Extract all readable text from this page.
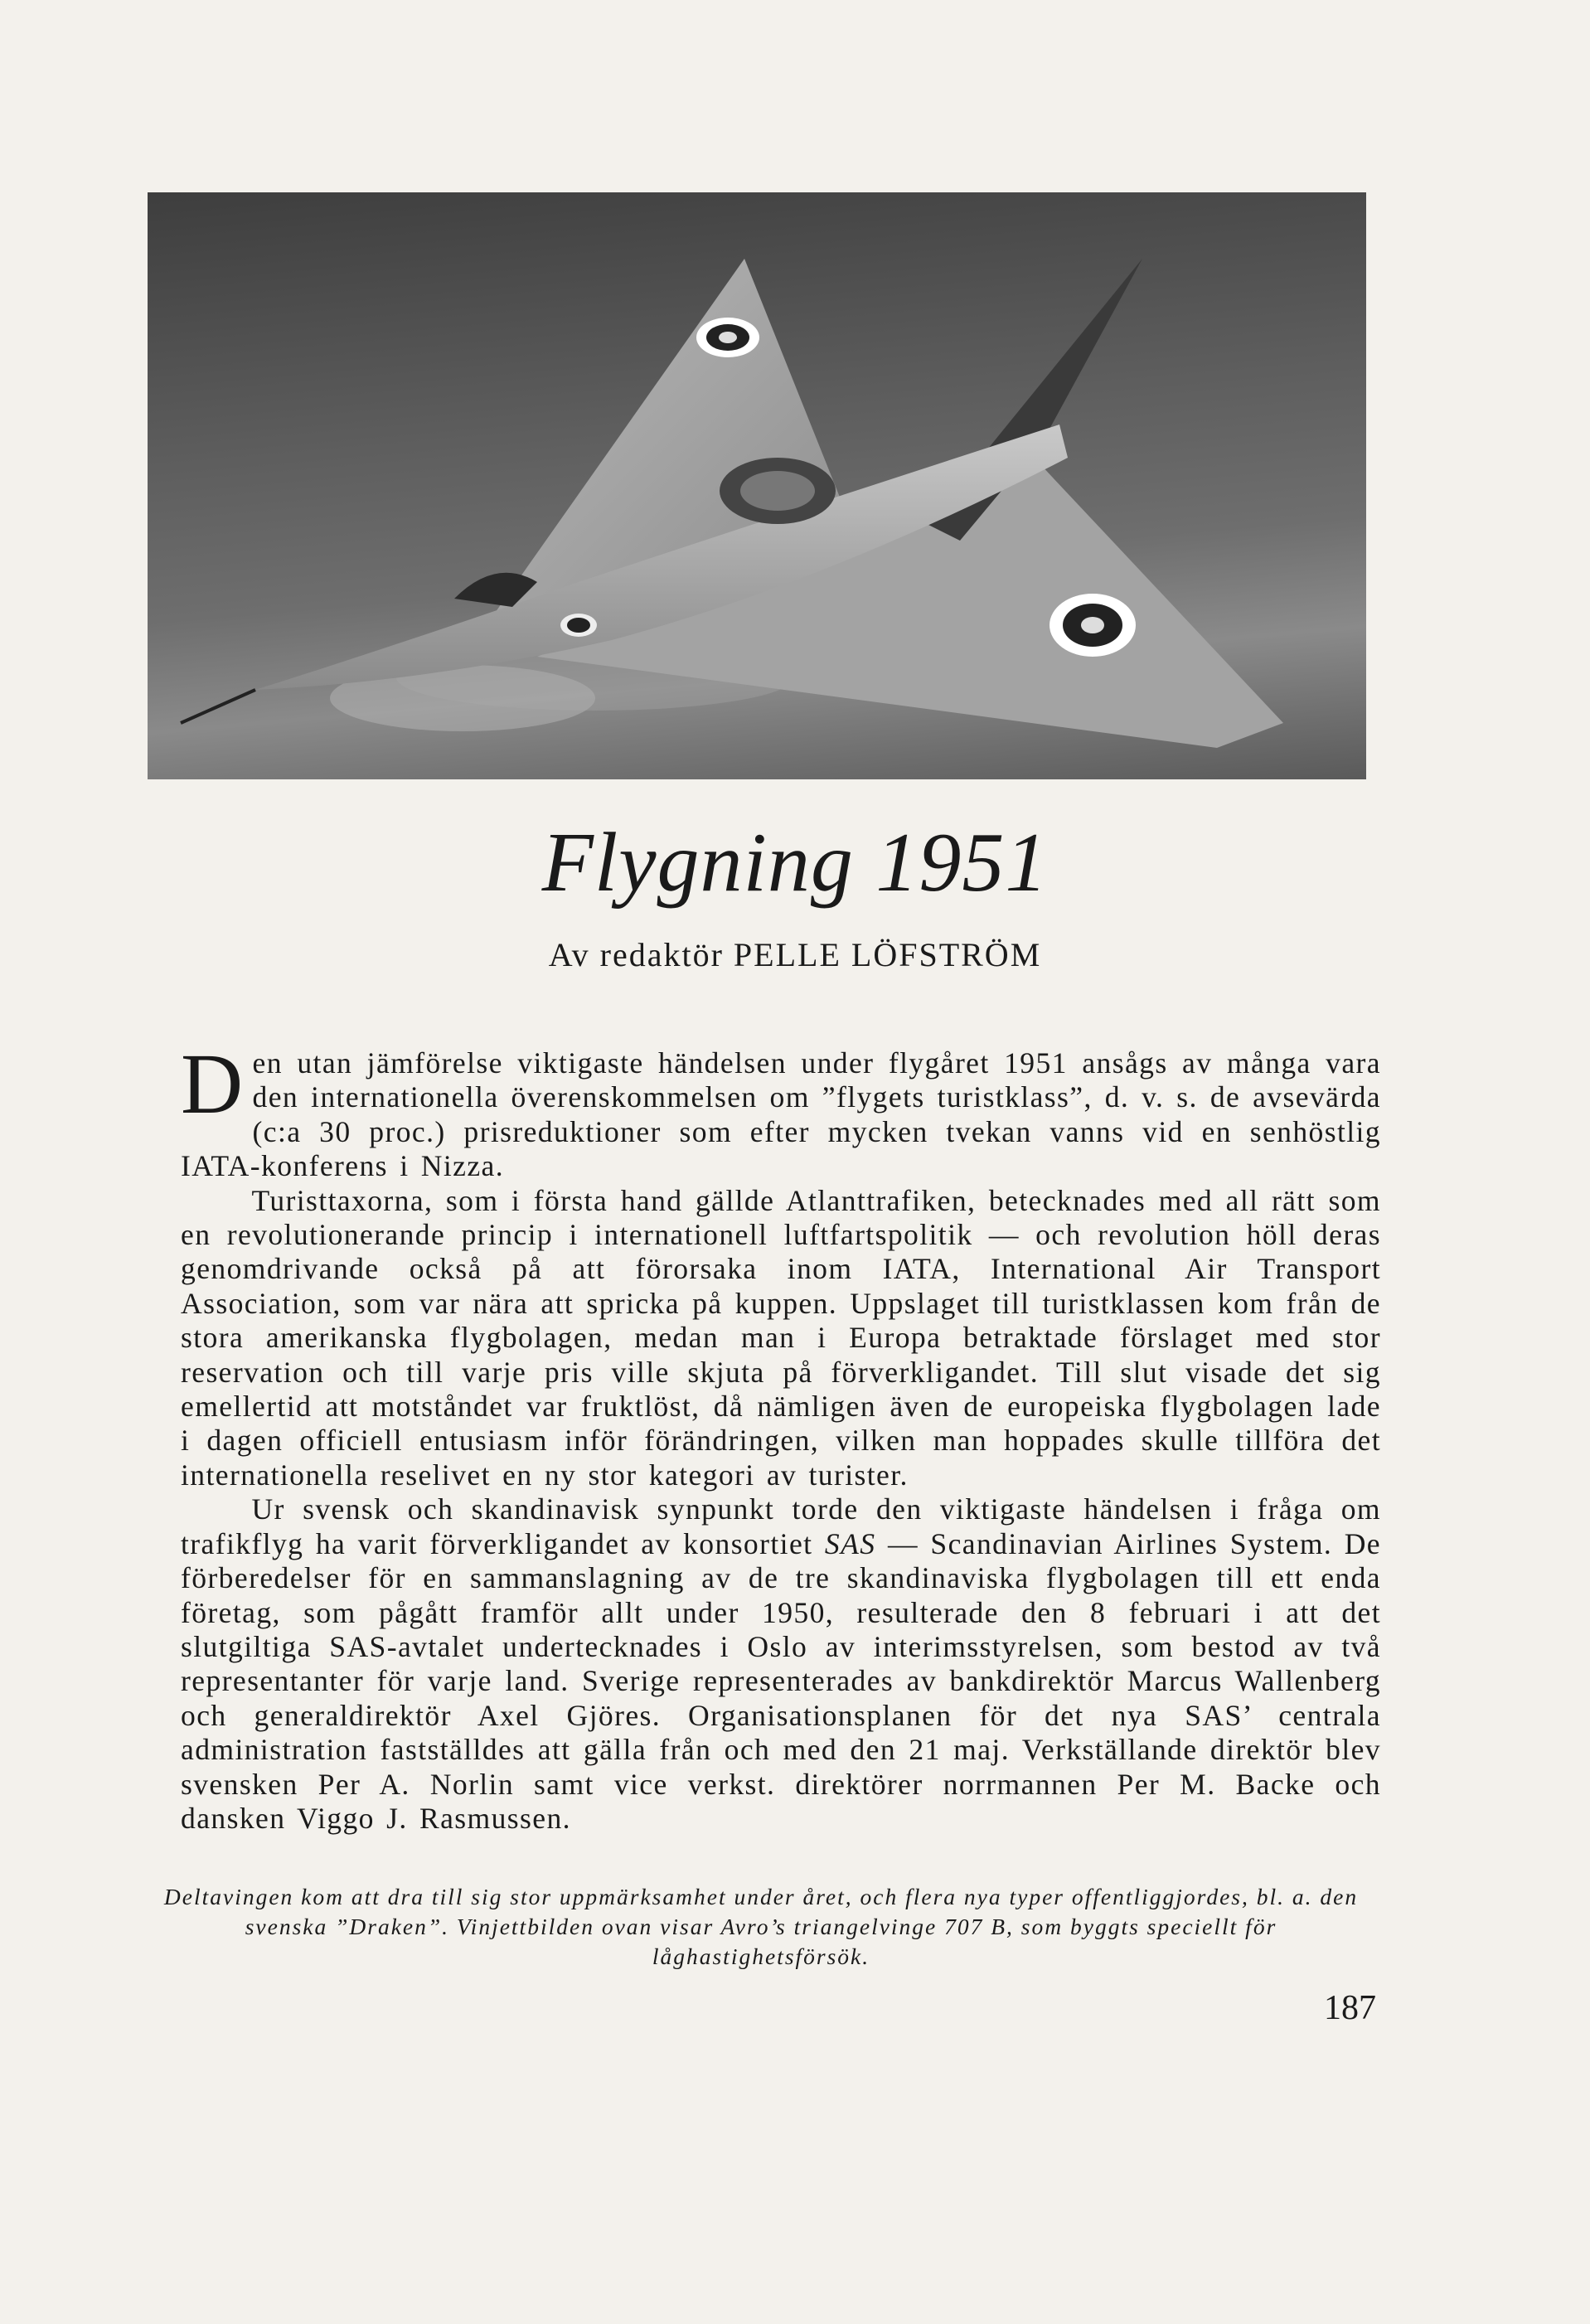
Flygning 1951
Av redaktör PELLE LÖFSTRÖM

Den utan jämförelse viktigaste händelsen under flygåret 1951 ansågs av många vara den internationella överenskommelsen om ”flygets turistklass”, d. v. s. de avsevärda (c:a 30 proc.) prisreduktioner som efter mycken tvekan vanns vid en senhöstlig IATA-konferens i Nizza.

Turisttaxorna, som i första hand gällde Atlanttrafiken, betecknades med all rätt som en revolutionerande princip i internationell luftfartspolitik — och revolution höll deras genomdrivande också på att förorsaka inom IATA, International Air Transport Association, som var nära att spricka på kuppen. Uppslaget till turistklassen kom från de stora amerikanska flygbolagen, medan man i Europa betraktade förslaget med stor reservation och till varje pris ville skjuta på förverkligandet. Till slut visade det sig emellertid att motståndet var fruktlöst, då nämligen även de europeiska flygbolagen lade i dagen officiell entusiasm inför förändringen, vilken man hoppades skulle tillföra det internationella reselivet en ny stor kategori av turister.

Ur svensk och skandinavisk synpunkt torde den viktigaste händelsen i fråga om trafikflyg ha varit förverkligandet av konsortiet SAS — Scandinavian Airlines System. De förberedelser för en sammanslagning av de tre skandinaviska flygbolagen till ett enda företag, som pågått framför allt under 1950, resulterade den 8 februari i att det slutgiltiga SAS-avtalet undertecknades i Oslo av interimsstyrelsen, som bestod av två representanter för varje land. Sverige representerades av bankdirektör Marcus Wallenberg och generaldirektör Axel Gjöres. Organisationsplanen för det nya SAS’ centrala administration fastställdes att gälla från och med den 21 maj. Verkställande direktör blev svensken Per A. Norlin samt vice verkst. direktörer norrmannen Per M. Backe och dansken Viggo J. Rasmussen.

Deltavingen kom att dra till sig stor uppmärksamhet under året, och flera nya typer offentliggjordes, bl. a. den svenska ”Draken”. Vinjettbilden ovan visar Avro’s triangelvinge 707 B, som byggts speciellt för låghastighetsförsök.
187
